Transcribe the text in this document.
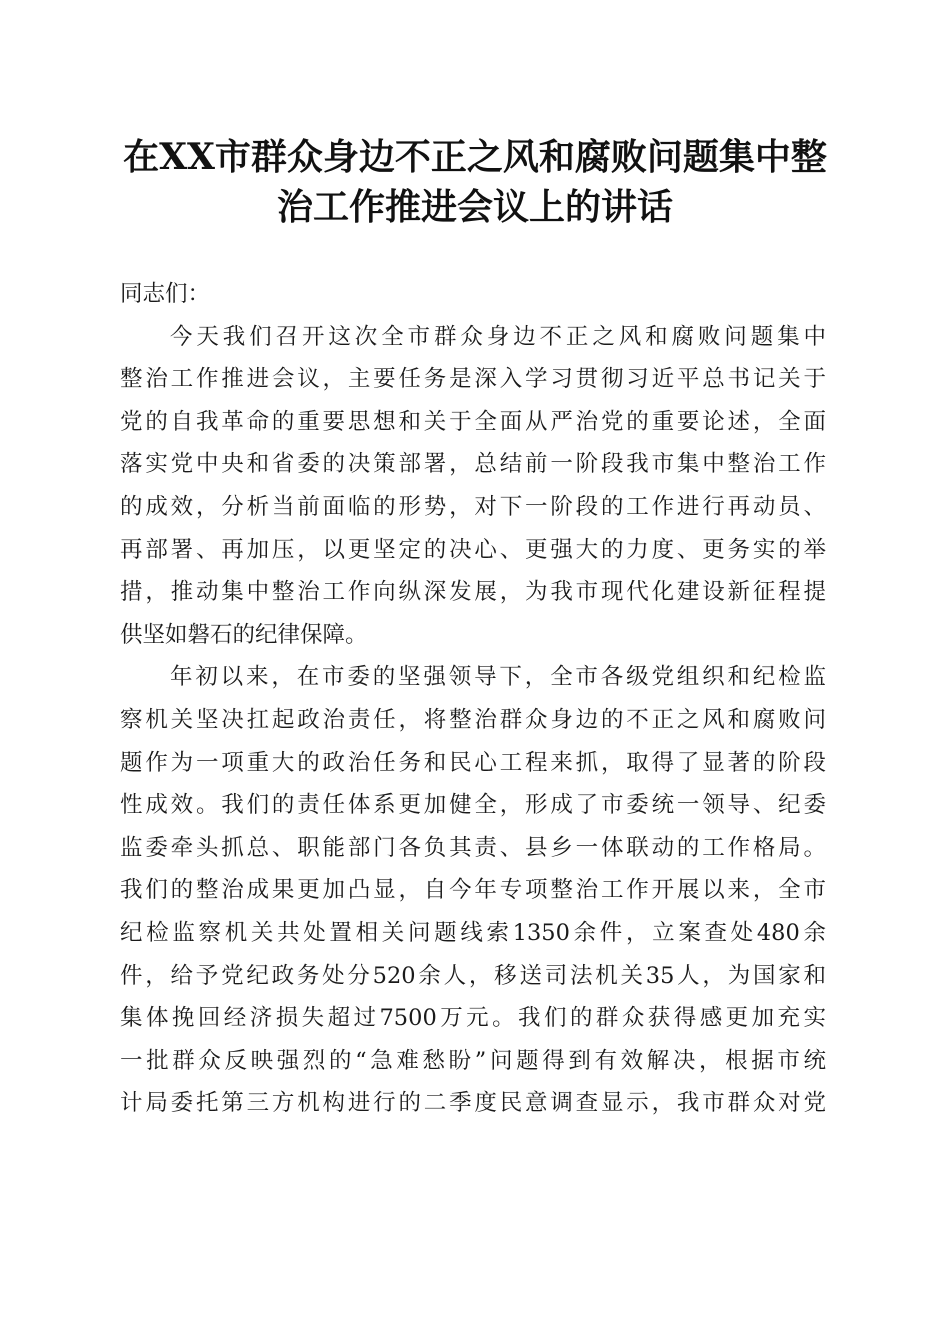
在XX市群众身边不正之风和腐败问题集中整
治工作推进会议上的讲话
同志们：
今天我们召开这次全市群众身边不正之风和腐败问题集中
整治工作推进会议，主要任务是深入学习贯彻习近平总书记关于
党的自我革命的重要思想和关于全面从严治党的重要论述，全面
落实党中央和省委的决策部署，总结前一阶段我市集中整治工作
的成效，分析当前面临的形势，对下一阶段的工作进行再动员、
再部署、再加压，以更坚定的决心、更强大的力度、更务实的举
措，推动集中整治工作向纵深发展，为我市现代化建设新征程提
供坚如磐石的纪律保障。
年初以来，在市委的坚强领导下，全市各级党组织和纪检监
察机关坚决扛起政治责任，将整治群众身边的不正之风和腐败问
题作为一项重大的政治任务和民心工程来抓，取得了显著的阶段
性成效。我们的责任体系更加健全，形成了市委统一领导、纪委
监委牵头抓总、职能部门各负其责、县乡一体联动的工作格局。
我们的整治成果更加凸显，自今年专项整治工作开展以来，全市
纪检监察机关共处置相关问题线索1350余件，立案查处480余
件，给予党纪政务处分520余人，移送司法机关35人，为国家和
集体挽回经济损失超过7500万元。我们的群众获得感更加充实
一批群众反映强烈的“急难愁盼”问题得到有效解决，根据市统
计局委托第三方机构进行的二季度民意调查显示，我市群众对党
